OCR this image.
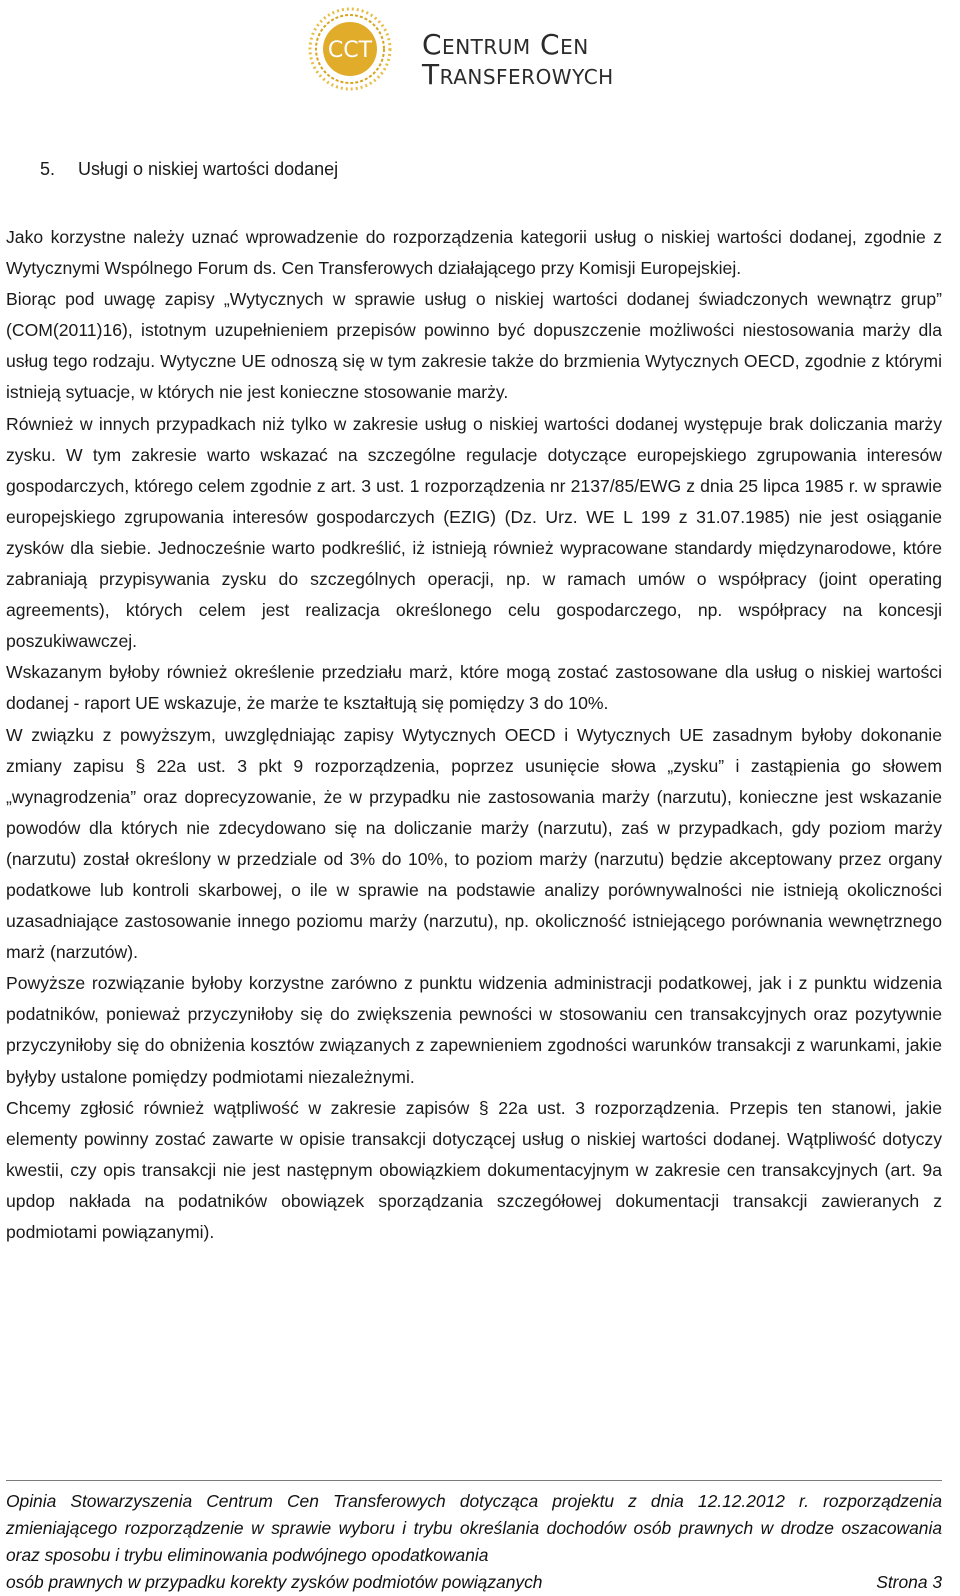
CCT Centrum Cen
Transferowych
5. Usługi o niskiej wartości dodanej

Jako korzystne należy uznać wprowadzenie do rozporządzenia kategorii usług o niskiej wartości dodanej, zgodnie z Wytycznymi Wspólnego Forum ds. Cen Transferowych działającego przy Komisji Europejskiej.

Biorąc pod uwagę zapisy „Wytycznych w sprawie usług o niskiej wartości dodanej świadczonych wewnątrz grup” (COM(2011)16), istotnym uzupełnieniem przepisów powinno być dopuszczenie możliwości niestosowania marży dla usług tego rodzaju. Wytyczne UE odnoszą się w tym zakresie także do brzmienia Wytycznych OECD, zgodnie z którymi istnieją sytuacje, w których nie jest konieczne stosowanie marży.

Również w innych przypadkach niż tylko w zakresie usług o niskiej wartości dodanej występuje brak doliczania marży zysku. W tym zakresie warto wskazać na szczególne regulacje dotyczące europejskiego zgrupowania interesów gospodarczych, którego celem zgodnie z art. 3 ust. 1 rozporządzenia nr 2137/85/EWG z dnia 25 lipca 1985 r. w sprawie europejskiego zgrupowania interesów gospodarczych (EZIG) (Dz. Urz. WE L 199 z 31.07.1985) nie jest osiąganie zysków dla siebie. Jednocześnie warto podkreślić, iż istnieją również wypracowane standardy międzynarodowe, które zabraniają przypisywania zysku do szczególnych operacji, np. w ramach umów o współpracy (joint operating agreements), których celem jest realizacja określonego celu gospodarczego, np. współpracy na koncesji poszukiwawczej.

Wskazanym byłoby również określenie przedziału marż, które mogą zostać zastosowane dla usług o niskiej wartości dodanej - raport UE wskazuje, że marże te kształtują się pomiędzy 3 do 10%.

W związku z powyższym, uwzględniając zapisy Wytycznych OECD i Wytycznych UE zasadnym byłoby dokonanie zmiany zapisu § 22a ust. 3 pkt 9 rozporządzenia, poprzez usunięcie słowa „zysku” i zastąpienia go słowem „wynagrodzenia” oraz doprecyzowanie, że w przypadku nie zastosowania marży (narzutu), konieczne jest wskazanie powodów dla których nie zdecydowano się na doliczanie marży (narzutu), zaś w przypadkach, gdy poziom marży (narzutu) został określony w przedziale od 3% do 10%, to poziom marży (narzutu) będzie akceptowany przez organy podatkowe lub kontroli skarbowej, o ile w sprawie na podstawie analizy porównywalności nie istnieją okoliczności uzasadniające zastosowanie innego poziomu marży (narzutu), np. okoliczność istniejącego porównania wewnętrznego marż (narzutów).

Powyższe rozwiązanie byłoby korzystne zarówno z punktu widzenia administracji podatkowej, jak i z punktu widzenia podatników, ponieważ przyczyniłoby się do zwiększenia pewności w stosowaniu cen transakcyjnych oraz pozytywnie przyczyniłoby się do obniżenia kosztów związanych z zapewnieniem zgodności warunków transakcji z warunkami, jakie byłyby ustalone pomiędzy podmiotami niezależnymi.

Chcemy zgłosić również wątpliwość w zakresie zapisów § 22a ust. 3 rozporządzenia. Przepis ten stanowi, jakie elementy powinny zostać zawarte w opisie transakcji dotyczącej usług o niskiej wartości dodanej. Wątpliwość dotyczy kwestii, czy opis transakcji nie jest następnym obowiązkiem dokumentacyjnym w zakresie cen transakcyjnych (art. 9a updop nakłada na podatników obowiązek sporządzania szczegółowej dokumentacji transakcji zawieranych z podmiotami powiązanymi).

Opinia Stowarzyszenia Centrum Cen Transferowych dotycząca projektu z dnia 12.12.2012 r. rozporządzenia zmieniającego rozporządzenie w sprawie wyboru i trybu określania dochodów osób prawnych w drodze oszacowania oraz sposobu i trybu eliminowania podwójnego opodatkowania
osób prawnych w przypadku korekty zysków podmiotów powiązanych	Strona 3
